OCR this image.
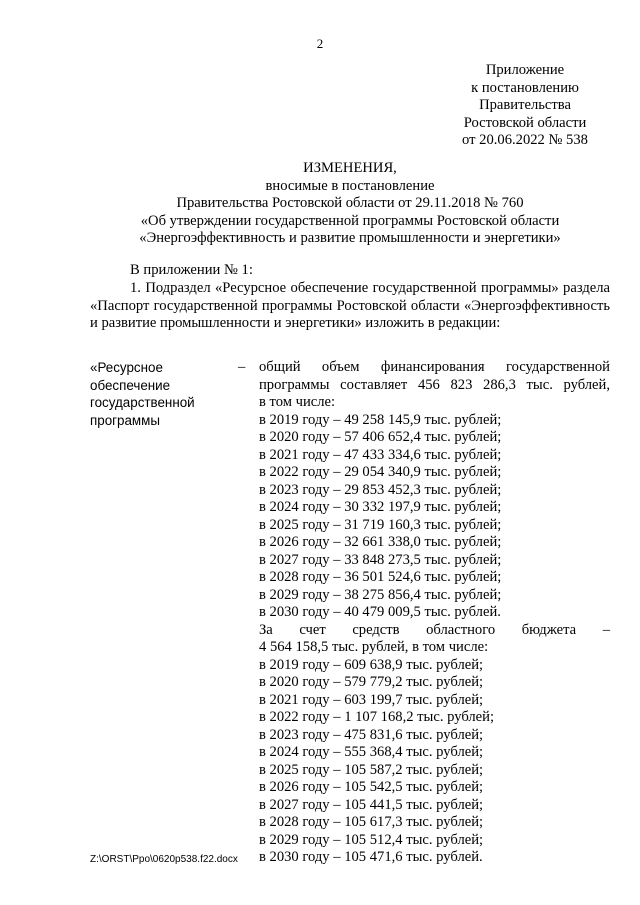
2
Приложение
к постановлению
Правительства
Ростовской области
от 20.06.2022 № 538
ИЗМЕНЕНИЯ,
вносимые в постановление
Правительства Ростовской области от 29.11.2018 № 760
«Об утверждении государственной программы Ростовской области
«Энергоэффективность и развитие промышленности и энергетики»
В приложении № 1:
1. Подраздел «Ресурсное обеспечение государственной программы» раздела «Паспорт государственной программы Ростовской области «Энергоэффективность и развитие промышленности и энергетики» изложить в редакции:
«Ресурсное
обеспечение
государственной
программы
– общий объем финансирования государственной
программы составляет 456 823 286,3 тыс. рублей,
в том числе:
в 2019 году – 49 258 145,9 тыс. рублей;
в 2020 году – 57 406 652,4 тыс. рублей;
в 2021 году – 47 433 334,6 тыс. рублей;
в 2022 году – 29 054 340,9 тыс. рублей;
в 2023 году – 29 853 452,3 тыс. рублей;
в 2024 году – 30 332 197,9 тыс. рублей;
в 2025 году – 31 719 160,3 тыс. рублей;
в 2026 году – 32 661 338,0 тыс. рублей;
в 2027 году – 33 848 273,5 тыс. рублей;
в 2028 году – 36 501 524,6 тыс. рублей;
в 2029 году – 38 275 856,4 тыс. рублей;
в 2030 году – 40 479 009,5 тыс. рублей.
За счет средств областного бюджета –
4 564 158,5 тыс. рублей, в том числе:
в 2019 году – 609 638,9 тыс. рублей;
в 2020 году – 579 779,2 тыс. рублей;
в 2021 году – 603 199,7 тыс. рублей;
в 2022 году – 1 107 168,2 тыс. рублей;
в 2023 году – 475 831,6 тыс. рублей;
в 2024 году – 555 368,4 тыс. рублей;
в 2025 году – 105 587,2 тыс. рублей;
в 2026 году – 105 542,5 тыс. рублей;
в 2027 году – 105 441,5 тыс. рублей;
в 2028 году – 105 617,3 тыс. рублей;
в 2029 году – 105 512,4 тыс. рублей;
в 2030 году – 105 471,6 тыс. рублей.
Z:\ORST\Ppo\0620p538.f22.docx
